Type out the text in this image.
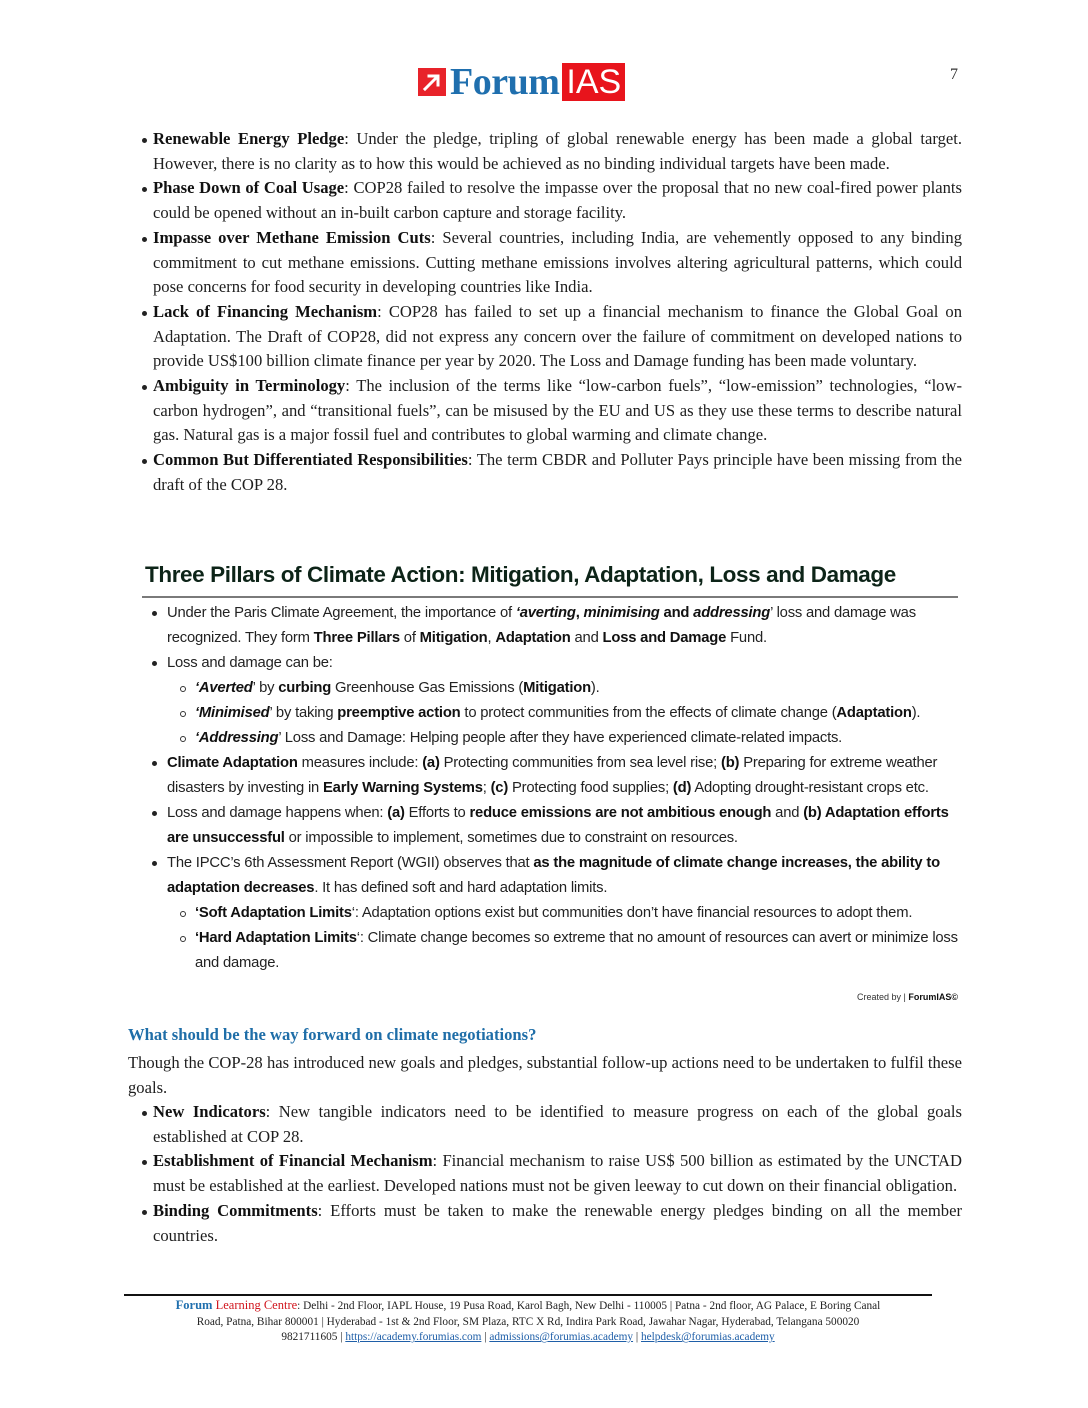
Forum IAS	7
Renewable Energy Pledge: Under the pledge, tripling of global renewable energy has been made a global target. However, there is no clarity as to how this would be achieved as no binding individual targets have been made.
Phase Down of Coal Usage: COP28 failed to resolve the impasse over the proposal that no new coal-fired power plants could be opened without an in-built carbon capture and storage facility.
Impasse over Methane Emission Cuts: Several countries, including India, are vehemently opposed to any binding commitment to cut methane emissions. Cutting methane emissions involves altering agricultural patterns, which could pose concerns for food security in developing countries like India.
Lack of Financing Mechanism: COP28 has failed to set up a financial mechanism to finance the Global Goal on Adaptation. The Draft of COP28, did not express any concern over the failure of commitment on developed nations to provide US$100 billion climate finance per year by 2020. The Loss and Damage funding has been made voluntary.
Ambiguity in Terminology: The inclusion of the terms like “low-carbon fuels”, “low-emission” technologies, “low-carbon hydrogen”, and “transitional fuels”, can be misused by the EU and US as they use these terms to describe natural gas. Natural gas is a major fossil fuel and contributes to global warming and climate change.
Common But Differentiated Responsibilities: The term CBDR and Polluter Pays principle have been missing from the draft of the COP 28.
Three Pillars of Climate Action: Mitigation, Adaptation, Loss and Damage
Under the Paris Climate Agreement, the importance of ‘averting, minimising and addressing’ loss and damage was recognized. They form Three Pillars of Mitigation, Adaptation and Loss and Damage Fund.
Loss and damage can be:
‘Averted’ by curbing Greenhouse Gas Emissions (Mitigation).
‘Minimised’ by taking preemptive action to protect communities from the effects of climate change (Adaptation).
‘Addressing’ Loss and Damage: Helping people after they have experienced climate-related impacts.
Climate Adaptation measures include: (a) Protecting communities from sea level rise; (b) Preparing for extreme weather disasters by investing in Early Warning Systems; (c) Protecting food supplies; (d) Adopting drought-resistant crops etc.
Loss and damage happens when: (a) Efforts to reduce emissions are not ambitious enough and (b) Adaptation efforts are unsuccessful or impossible to implement, sometimes due to constraint on resources.
The IPCC’s 6th Assessment Report (WGII) observes that as the magnitude of climate change increases, the ability to adaptation decreases. It has defined soft and hard adaptation limits.
‘Soft Adaptation Limits‘: Adaptation options exist but communities don’t have financial resources to adopt them.
‘Hard Adaptation Limits‘: Climate change becomes so extreme that no amount of resources can avert or minimize loss and damage.
Created by | ForumIAS©
What should be the way forward on climate negotiations?
Though the COP-28 has introduced new goals and pledges, substantial follow-up actions need to be undertaken to fulfil these goals.
New Indicators: New tangible indicators need to be identified to measure progress on each of the global goals established at COP 28.
Establishment of Financial Mechanism: Financial mechanism to raise US$ 500 billion as estimated by the UNCTAD must be established at the earliest. Developed nations must not be given leeway to cut down on their financial obligation.
Binding Commitments: Efforts must be taken to make the renewable energy pledges binding on all the member countries.
Forum Learning Centre: Delhi - 2nd Floor, IAPL House, 19 Pusa Road, Karol Bagh, New Delhi - 110005 | Patna - 2nd floor, AG Palace, E Boring Canal
Road, Patna, Bihar 800001 | Hyderabad - 1st & 2nd Floor, SM Plaza, RTC X Rd, Indira Park Road, Jawahar Nagar, Hyderabad, Telangana 500020
9821711605 | https://academy.forumias.com | admissions@forumias.academy | helpdesk@forumias.academy
